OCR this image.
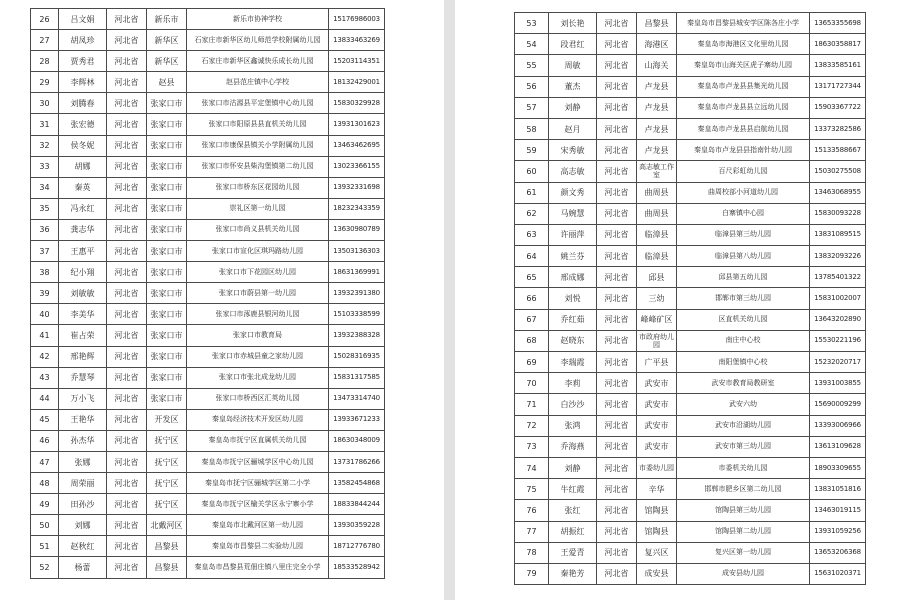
26	吕文娟	河北省	新乐市	新乐市协神学校	15176986003
27	胡凤珍	河北省	新华区	石家庄市新华区幼儿师范学校附属幼儿园	13833463269
28	贾秀君	河北省	新华区	石家庄市新华区鑫诚快乐成长幼儿园	15203114351
29	李辉林	河北省	赵县	赵县范庄镇中心学校	18132429001
30	刘腾春	河北省	张家口市	张家口市沽源县平定堡镇中心幼儿园	15830329928
31	张宏德	河北省	张家口市	张家口市阳原县县直机关幼儿园	13931301623
32	侯冬妮	河北省	张家口市	张家口市康保县镇关小学附属幼儿园	13463462695
33	胡娜	河北省	张家口市	张家口市怀安县柴沟堡镇第二幼儿园	13023366155
34	秦英	河北省	张家口市	张家口市桥东区花园幼儿园	13932331698
35	冯永红	河北省	张家口市	崇礼区第一幼儿园	18232343359
36	龚志华	河北省	张家口市	张家口市尚义县机关幼儿园	13630980789
37	王惠平	河北省	张家口市	张家口市宣化区琪玛路幼儿园	13503136303
38	纪小翔	河北省	张家口市	张家口市下花园区幼儿园	18631369991
39	刘敏敏	河北省	张家口市	张家口市蔚县第一幼儿园	13932391380
40	李美华	河北省	张家口市	张家口市涿鹿县银河幼儿园	15103338599
41	崔占荣	河北省	张家口市	张家口市教育局	13932388328
42	邢艳辉	河北省	张家口市	张家口市赤城县童之家幼儿园	15028316935
43	乔慧琴	河北省	张家口市	张家口市张北成龙幼儿园	15831317585
44	万小飞	河北省	张家口市	张家口市桥西区汇英幼儿园	13473314740
45	王艳华	河北省	开发区	秦皇岛经济技术开发区幼儿园	13933671233
46	孙杰华	河北省	抚宁区	秦皇岛市抚宁区直属机关幼儿园	18630348009
47	张娜	河北省	抚宁区	秦皇岛市抚宁区骊城学区中心幼儿园	13731786266
48	周荣丽	河北省	抚宁区	秦皇岛市抚宁区骊城学区第二小学	13582454868
49	田孙沙	河北省	抚宁区	秦皇岛市抚宁区榆关学区永宁寨小学	18833844244
50	刘娜	河北省	北戴河区	秦皇岛市北戴河区第一幼儿园	13930359228
51	赵秋红	河北省	昌黎县	秦皇岛市昌黎县二实验幼儿园	18712776780
52	杨蕾	河北省	昌黎县	秦皇岛市昌黎县荒佃庄镇八里庄完全小学	18533528942
53	刘长艳	河北省	昌黎县	秦皇岛市昌黎县城安学区陈各庄小学	13653355698
54	段君红	河北省	海港区	秦皇岛市海港区文化里幼儿园	18630358817
55	周敏	河北省	山海关	秦皇岛市山海关区虎子寨幼儿园	13833585161
56	董杰	河北省	卢龙县	秦皇岛市卢龙县县集光幼儿园	13171727344
57	刘静	河北省	卢龙县	秦皇岛市卢龙县县立远幼儿园	15903367722
58	赵月	河北省	卢龙县	秦皇岛市卢龙县县启航幼儿园	13373282586
59	宋秀敏	河北省	卢龙县	秦皇岛市卢龙县县指南针幼儿园	15133588667
60	高志敏	河北省	高志敏工作室	百尺彩虹幼儿园	15030275508
61	颜文秀	河北省	曲周县	曲周校部小河道幼儿园	13463068955
62	马婉慧	河北省	曲周县	白寨镇中心园	15830093228
63	许丽萍	河北省	临漳县	临漳县第三幼儿园	13831089515
64	姚兰芬	河北省	临漳县	临漳县第八幼儿园	13832093226
65	邢成娜	河北省	邱县	邱县第五幼儿园	13785401322
66	刘悦	河北省	三幼	邯郸市第三幼儿园	15831002007
67	乔红茹	河北省	峰峰矿区	区直机关幼儿园	13643202890
68	赵晓东	河北省	市政府幼儿园	南庄中心校	15530221196
69	李瑞霞	河北省	广平县	南阳堡镇中心校	15232020717
70	李莉	河北省	武安市	武安市教育局教研室	13931003855
71	白沙沙	河北省	武安市	武安六幼	15690009299
72	张鸿	河北省	武安市	武安市沿湖幼儿园	13393006966
73	乔海燕	河北省	武安市	武安市第三幼儿园	13613109628
74	刘静	河北省	市委幼儿园	市委机关幼儿园	18903309655
75	牛红霞	河北省	辛华	邯郸市肥乡区第二幼儿园	13831051816
76	张红	河北省	馆陶县	馆陶县第三幼儿园	13463019115
77	胡振红	河北省	馆陶县	馆陶县第二幼儿园	13931059256
78	王爱青	河北省	复兴区	复兴区第一幼儿园	13653206368
79	秦艳芳	河北省	成安县	成安县幼儿园	15631020371
